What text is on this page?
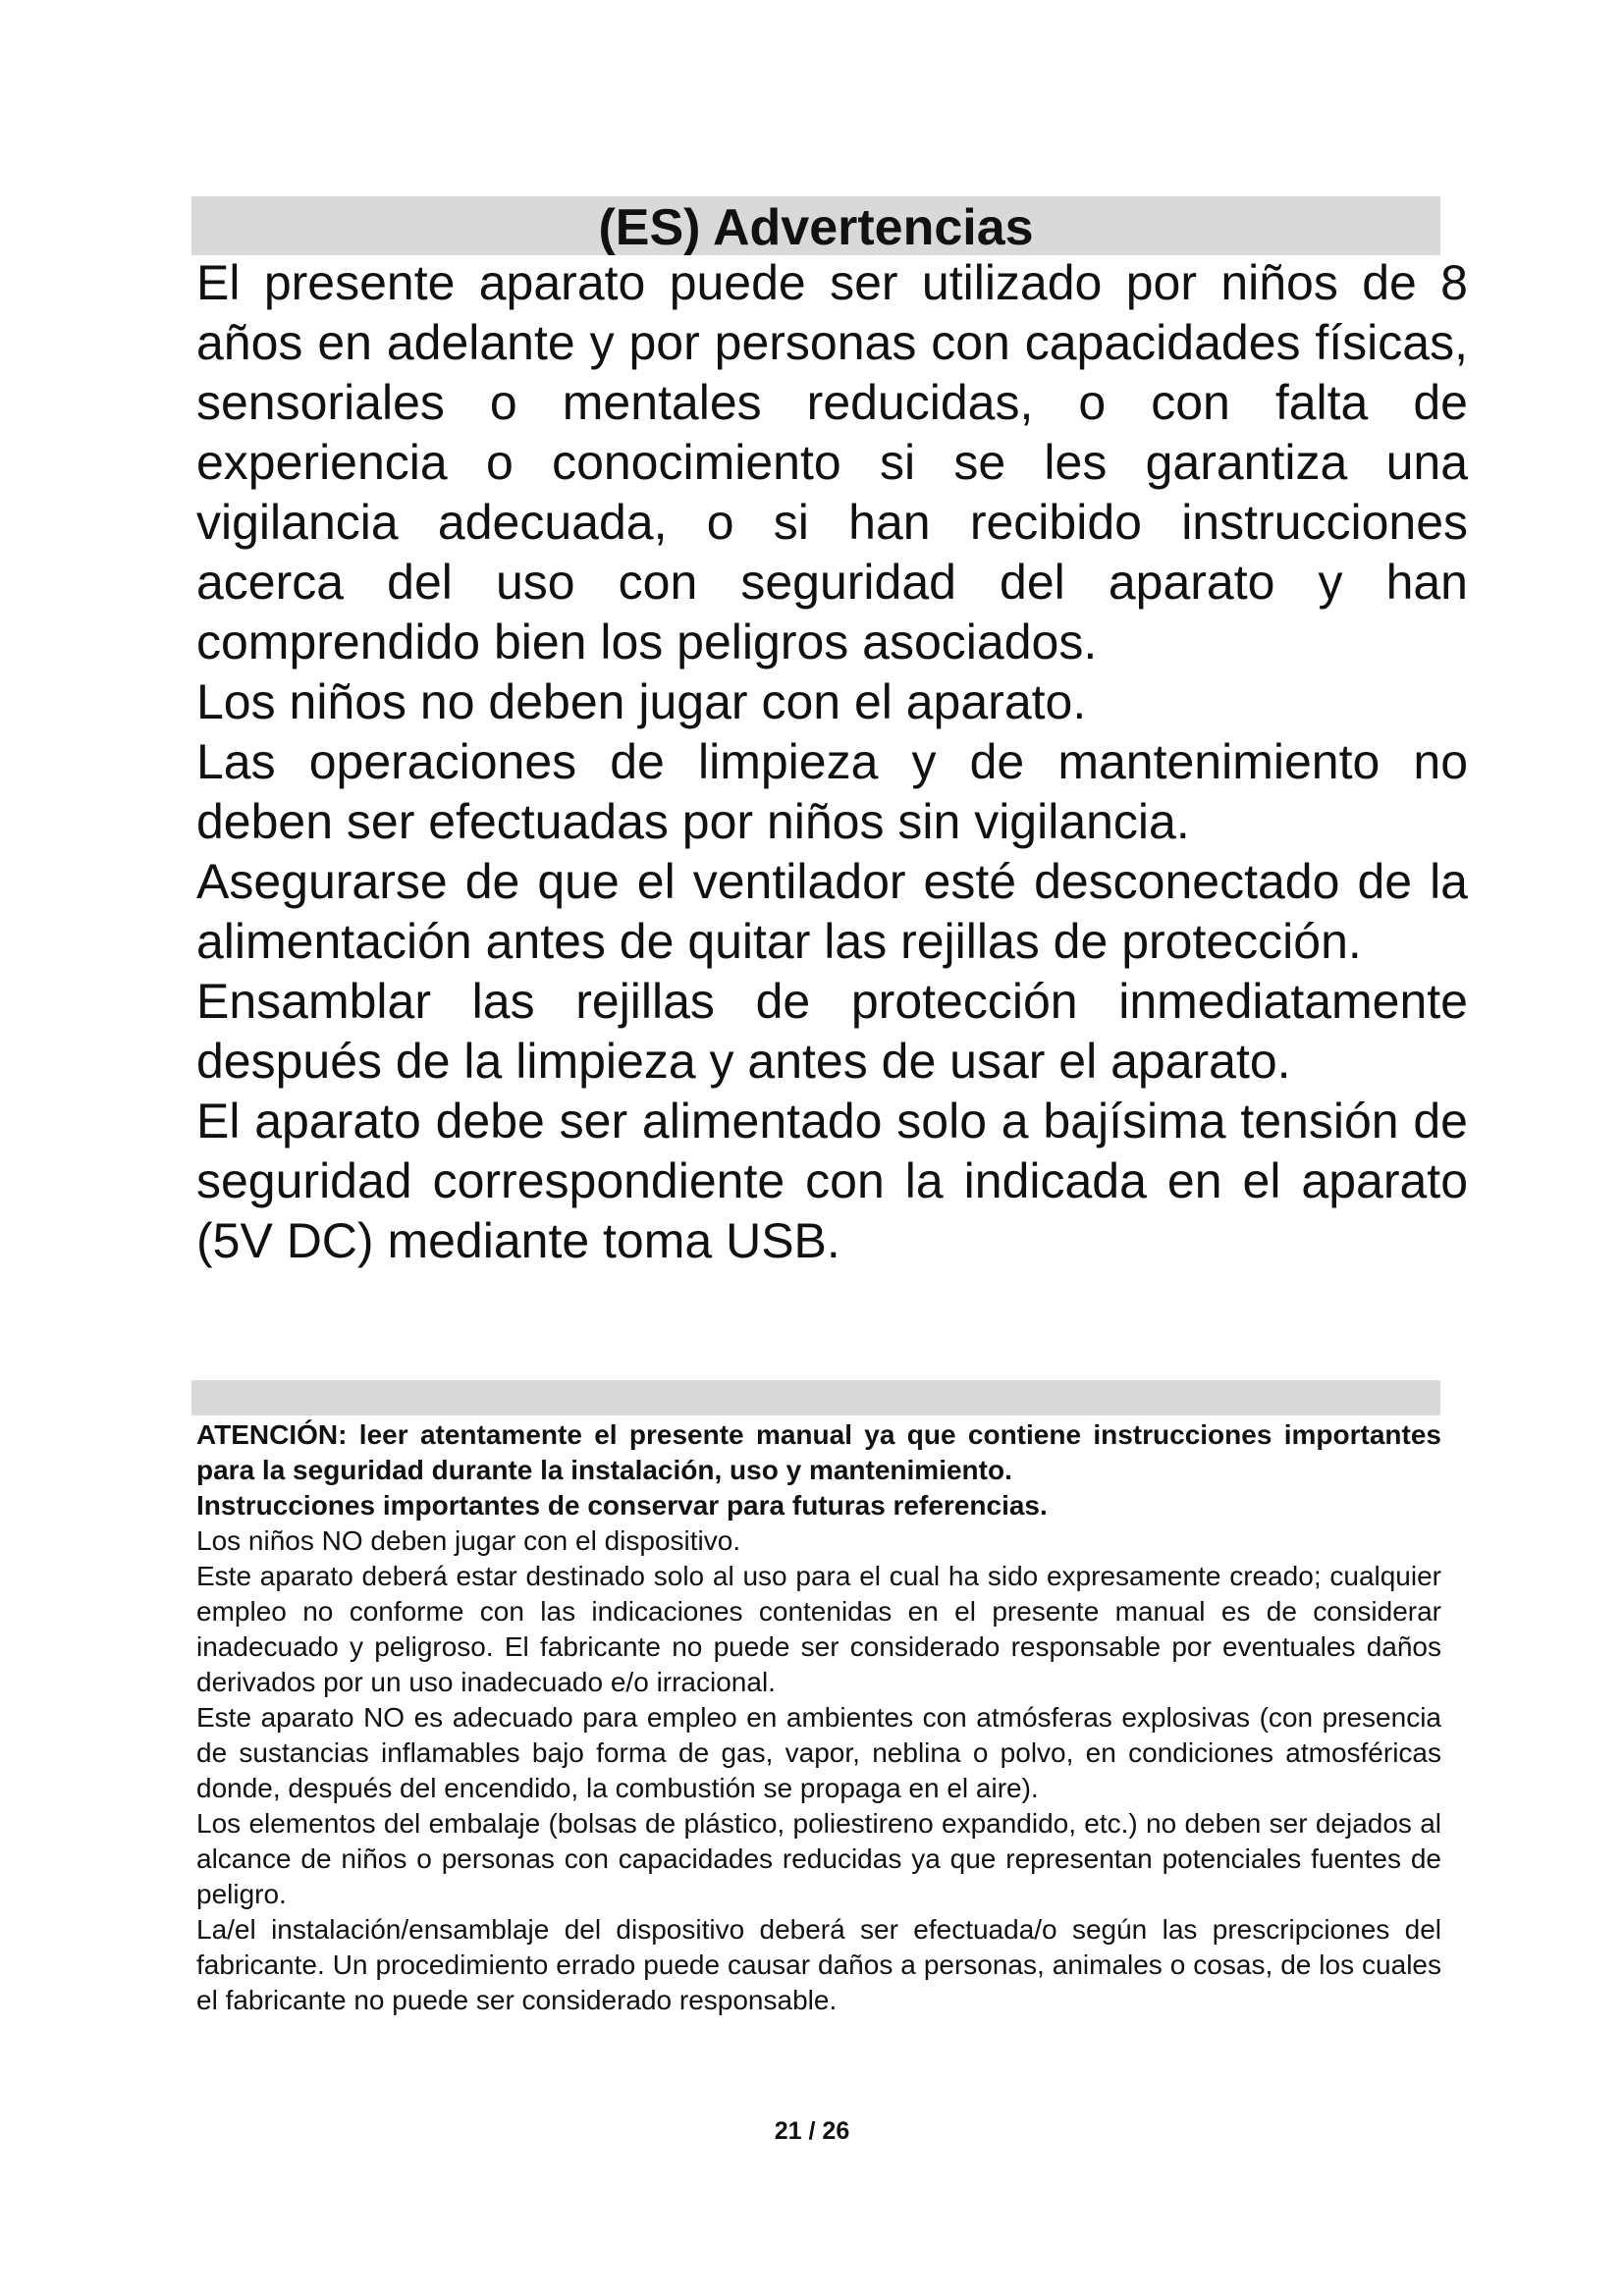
(ES) Advertencias

El presente aparato puede ser utilizado por niños de 8 años en adelante y por personas con capacidades físicas, sensoriales o mentales reducidas, o con falta de experiencia o conocimiento si se les garantiza una vigilancia adecuada, o si han recibido instrucciones acerca del uso con seguridad del aparato y han comprendido bien los peligros asociados.

Los niños no deben jugar con el aparato.

Las operaciones de limpieza y de mantenimiento no deben ser efectuadas por niños sin vigilancia.

Asegurarse de que el ventilador esté desconectado de la alimentación antes de quitar las rejillas de protección.

Ensamblar las rejillas de protección inmediatamente después de la limpieza y antes de usar el aparato.

El aparato debe ser alimentado solo a bajísima tensión de seguridad correspondiente con la indicada en el aparato (5V DC) mediante toma USB.

ATENCIÓN: leer atentamente el presente manual ya que contiene instrucciones importantes para la seguridad durante la instalación, uso y mantenimiento.

Instrucciones importantes de conservar para futuras referencias.

Los niños NO deben jugar con el dispositivo.

Este aparato deberá estar destinado solo al uso para el cual ha sido expresamente creado; cualquier empleo no conforme con las indicaciones contenidas en el presente manual es de considerar inadecuado y peligroso. El fabricante no puede ser considerado responsable por eventuales daños derivados por un uso inadecuado e/o irracional.

Este aparato NO es adecuado para empleo en ambientes con atmósferas explosivas (con presencia de sustancias inflamables bajo forma de gas, vapor, neblina o polvo, en condiciones atmosféricas donde, después del encendido, la combustión se propaga en el aire).

Los elementos del embalaje (bolsas de plástico, poliestireno expandido, etc.) no deben ser dejados al alcance de niños o personas con capacidades reducidas ya que representan potenciales fuentes de peligro.

La/el instalación/ensamblaje del dispositivo deberá ser efectuada/o según las prescripciones del fabricante. Un procedimiento errado puede causar daños a personas, animales o cosas, de los cuales el fabricante no puede ser considerado responsable.

21 / 26
